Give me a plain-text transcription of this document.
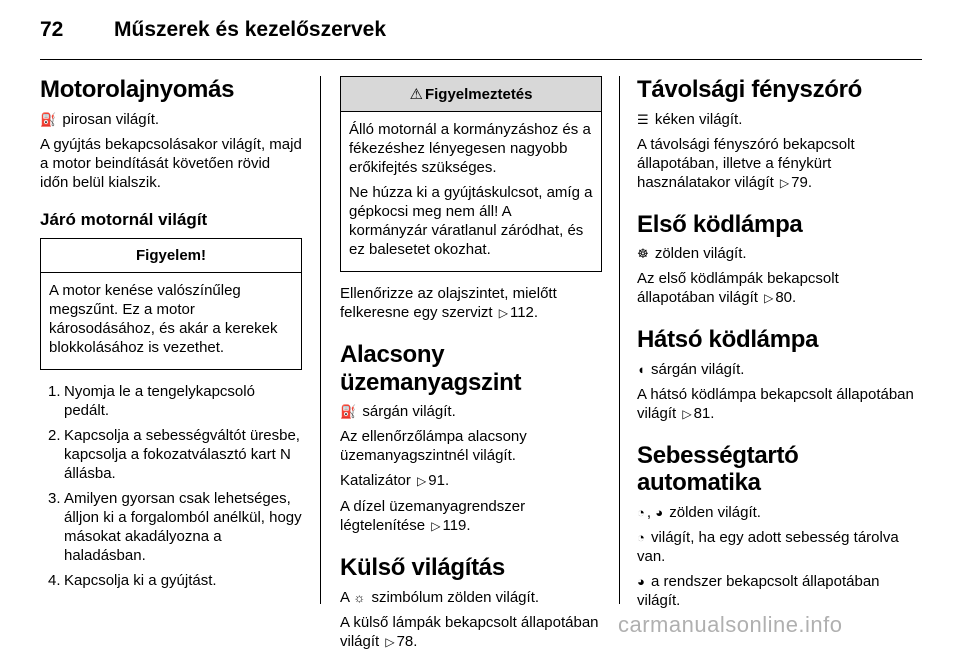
72 Műszerek és kezelőszervek
Motorolajnyomás

⛽ pirosan világít.

A gyújtás bekapcsolásakor világít, majd a motor beindítását követően rövid időn belül kialszik.

Járó motornál világít
Figyelem!

A motor kenése valószínűleg megszűnt. Ez a motor károsodásához, és akár a kerekek blokkolásához is vezethet.

1. Nyomja le a tengelykapcsoló pedált.
2. Kapcsolja a sebességváltót üresbe, kapcsolja a fokozatválasztó kart N állásba.
3. Amilyen gyorsan csak lehetséges, álljon ki a forgalomból anélkül, hogy másokat akadályozna a haladásban.
4. Kapcsolja ki a gyújtást.
⚠ Figyelmeztetés

Álló motornál a kormányzáshoz és a fékezéshez lényegesen nagyobb erőkifejtés szükséges.

Ne húzza ki a gyújtáskulcsot, amíg a gépkocsi meg nem áll! A kormányzár váratlanul záródhat, és ez balesetet okozhat.

Ellenőrizze az olajszintet, mielőtt felkeresne egy szervizt ▷ 112.

Alacsony üzemanyagszint

⛽ sárgán világít.

Az ellenőrzőlámpa alacsony üzemanyagszintnél világít.

Katalizátor ▷ 91.

A dízel üzemanyagrendszer légtelenítése ▷ 119.

Külső világítás

A ☼ szimbólum zölden világít.

A külső lámpák bekapcsolt állapotában világít ▷ 78.

Távolsági fényszóró

☰ kéken világít.

A távolsági fényszóró bekapcsolt állapotában, illetve a fénykürt használatakor világít ▷ 79.

Első ködlámpa

☸ zölden világít.

Az első ködlámpák bekapcsolt állapotában világít ▷ 80.

Hátsó ködlámpa

◖ sárgán világít.

A hátsó ködlámpa bekapcsolt állapotában világít ▷ 81.

Sebességtartó automatika

◔ , ◕ zölden világít.

◔ világít, ha egy adott sebesség tárolva van.

◕ a rendszer bekapcsolt állapotában világít.

carmanualsonline.info
